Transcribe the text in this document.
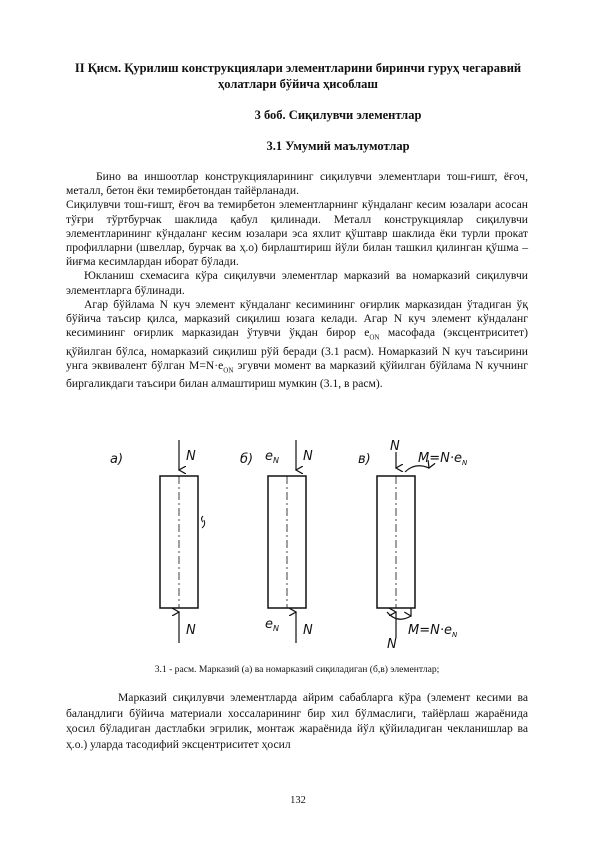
II Қисм. Қурилиш конструкциялари элементларини биринчи гуруҳ чегаравий ҳолатлари бўйича ҳисоблаш
3 боб. Сиқилувчи элементлар
3.1 Умумий маълумотлар

Бино ва иншоотлар конструкцияларининг сиқилувчи элементлари тош-ғишт, ёғоч, металл, бетон ёки темирбетондан тайёрланади.

Сиқилувчи тош-ғишт, ёғоч ва темирбетон элементларнинг кўндаланг кесим юзалари асосан тўғри тўртбурчак шаклида қабул қилинади. Металл конструкциялар сиқилувчи элементларининг кўндаланг кесим юзалари эса яхлит қўштавр шаклида ёки турли прокат профилларни (швеллар, бурчак ва ҳ.о) бирлаштириш йўли билан ташкил қилинган қўшма – йиғма кесимлардан иборат бўлади.

Юкланиш схемасига кўра сиқилувчи элементлар марказий ва номарказий сиқилувчи элементларга бўлинади.

Агар бўйлама N куч элемент кўндаланг кесимининг оғирлик марказидан ўтадиган ўқ бўйича таъсир қилса, марказий сиқилиш юзага келади. Агар N куч элемент кўндаланг кесимининг оғирлик марказидан ўтувчи ўқдан бирор $e_{ON}$ масофада (эксцентриситет) қўйилган бўлса, номарказий сиқилиш рўй беради (3.1 расм). Номарказий N куч таъсирини унга эквивалент бўлган $M=N\cdot e_{ON}$ эгувчи момент ва марказий қўйилган бўйлама N кучнинг биргаликдаги таъсири билан алмаштириш мумкин (3.1, в расм).

а)	N
N
б) $e_N$ N
N
$e_N$
в)
N
$M=N\cdot e_N$
N
$M=N\cdot e_N$

3.1 - расм. Марказий (а) ва номарказий сиқиладиган (б,в) элементлар;

Марказий сиқилувчи элементларда айрим сабабларга кўра (элемент кесими ва баландлиги бўйича материали хоссаларининг бир хил бўлмаслиги, тайёрлаш жараёнида ҳосил бўладиган дастлабки эгрилик, монтаж жараёнида йўл қўйиладиган чекланишлар ва ҳ.о.) уларда тасодифий эксцентриситет ҳосил

132
